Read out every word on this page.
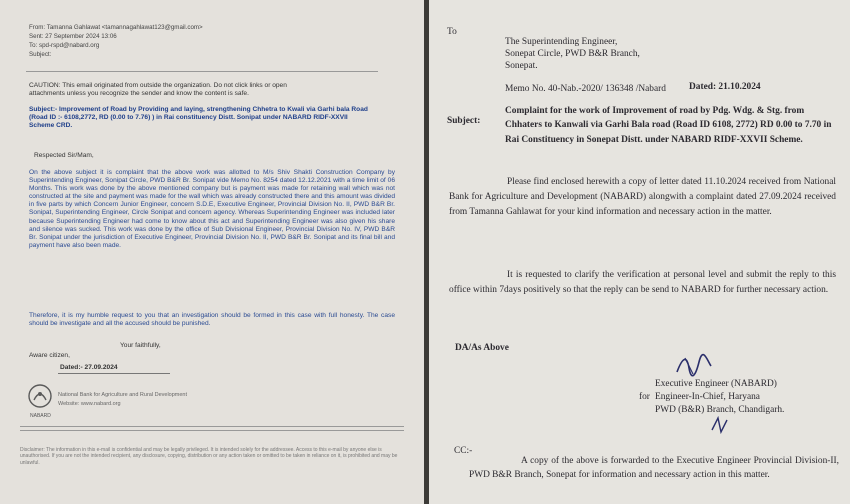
From: Tamanna Gahlawat <tamannagahlawat123@gmail.com>
Sent: 27 September 2024 13:06
To: spd-rspd@nabard.org
Subject:
CAUTION: This email originated from outside the organization. Do not click links or open attachments unless you recognize the sender and know the content is safe.
Subject:- Improvement of Road by Providing and laying, strengthening Chhetra to Kwali via Garhi bala Road (Road ID :- 6108,2772, RD (0.00 to 7.76) ) in Rai constituency Distt. Sonipat under NABARD RIDF-XXVII Scheme CRD.
Respected Sir/Mam,
On the above subject it is complaint that the above work was allotted to M/s Shiv Shakti Construction Company by Superintending Engineer, Sonipat Circle, PWD B&R Br. Sonipat vide Memo No. 8254 dated 12.12.2021 with a time limit of 06 Months. This work was done by the above mentioned company but is payment was made for retaining wall which was not constructed at the site and payment was made for the wall which was already constructed there and this amount was divided in five parts by which Concern Junior Engineer, concern S.D.E, Executive Engineer, Provincial Division No. II, PWD B&R Br. Sonipat, Superintending Engineer, Circle Sonipat and concern agency. Whereas Superintending Engineer was included later because Superintending Engineer had come to know about this act and Superintending Engineer was also given his share and silence was sucked. This work was done by the office of Sub Divisional Engineer, Provincial Division No. IV, PWD B&R Br. Sonipat under the jurisdiction of Executive Engineer, Provincial Division No. II, PWD B&R Br. Sonipat and its final bill and payment have also been made.
Therefore, it is my humble request to you that an investigation should be formed in this case with full honesty. The case should be investigate and all the accused should be punished.
Your faithfully,
Aware citizen,
Dated:- 27.09.2024
NABARD
National Bank for Agriculture and Rural Development
Website: www.nabard.org
Disclaimer: The information in this e-mail is confidential and may be legally privileged. It is intended solely for the addressee. Access to this e-mail by anyone else is unauthorised. If you are not the intended recipient, any disclosure, copying, distribution or any action taken or omitted to be taken in reliance on it, is prohibited and may be unlawful.
To
The Superintending Engineer,
Sonepat Circle, PWD B&R Branch,
Sonepat.
Memo No. 40-Nab.-2020/ 136348 /Nabard Dated: 21.10.2024
Subject:
Complaint for the work of Improvement of road by Pdg. Wdg. & Stg. from Chhaters to Kanwali via Garhi Bala road (Road ID 6108, 2772) RD 0.00 to 7.70 in Rai Constituency in Sonepat Distt. under NABARD RIDF-XXVII Scheme.
Please find enclosed herewith a copy of letter dated 11.10.2024 received from National Bank for Agriculture and Development (NABARD) alongwith a complaint dated 27.09.2024 received from Tamanna Gahlawat for your kind information and necessary action in the matter.
It is requested to clarify the verification at personal level and submit the reply to this office within 7days positively so that the reply can be send to NABARD for further necessary action.
DA/As Above
Executive Engineer (NABARD)
for Engineer-In-Chief, Haryana
PWD (B&R) Branch, Chandigarh.
CC:-
A copy of the above is forwarded to the Executive Engineer Provincial Division-II, PWD B&R Branch, Sonepat for information and necessary action in this matter.
